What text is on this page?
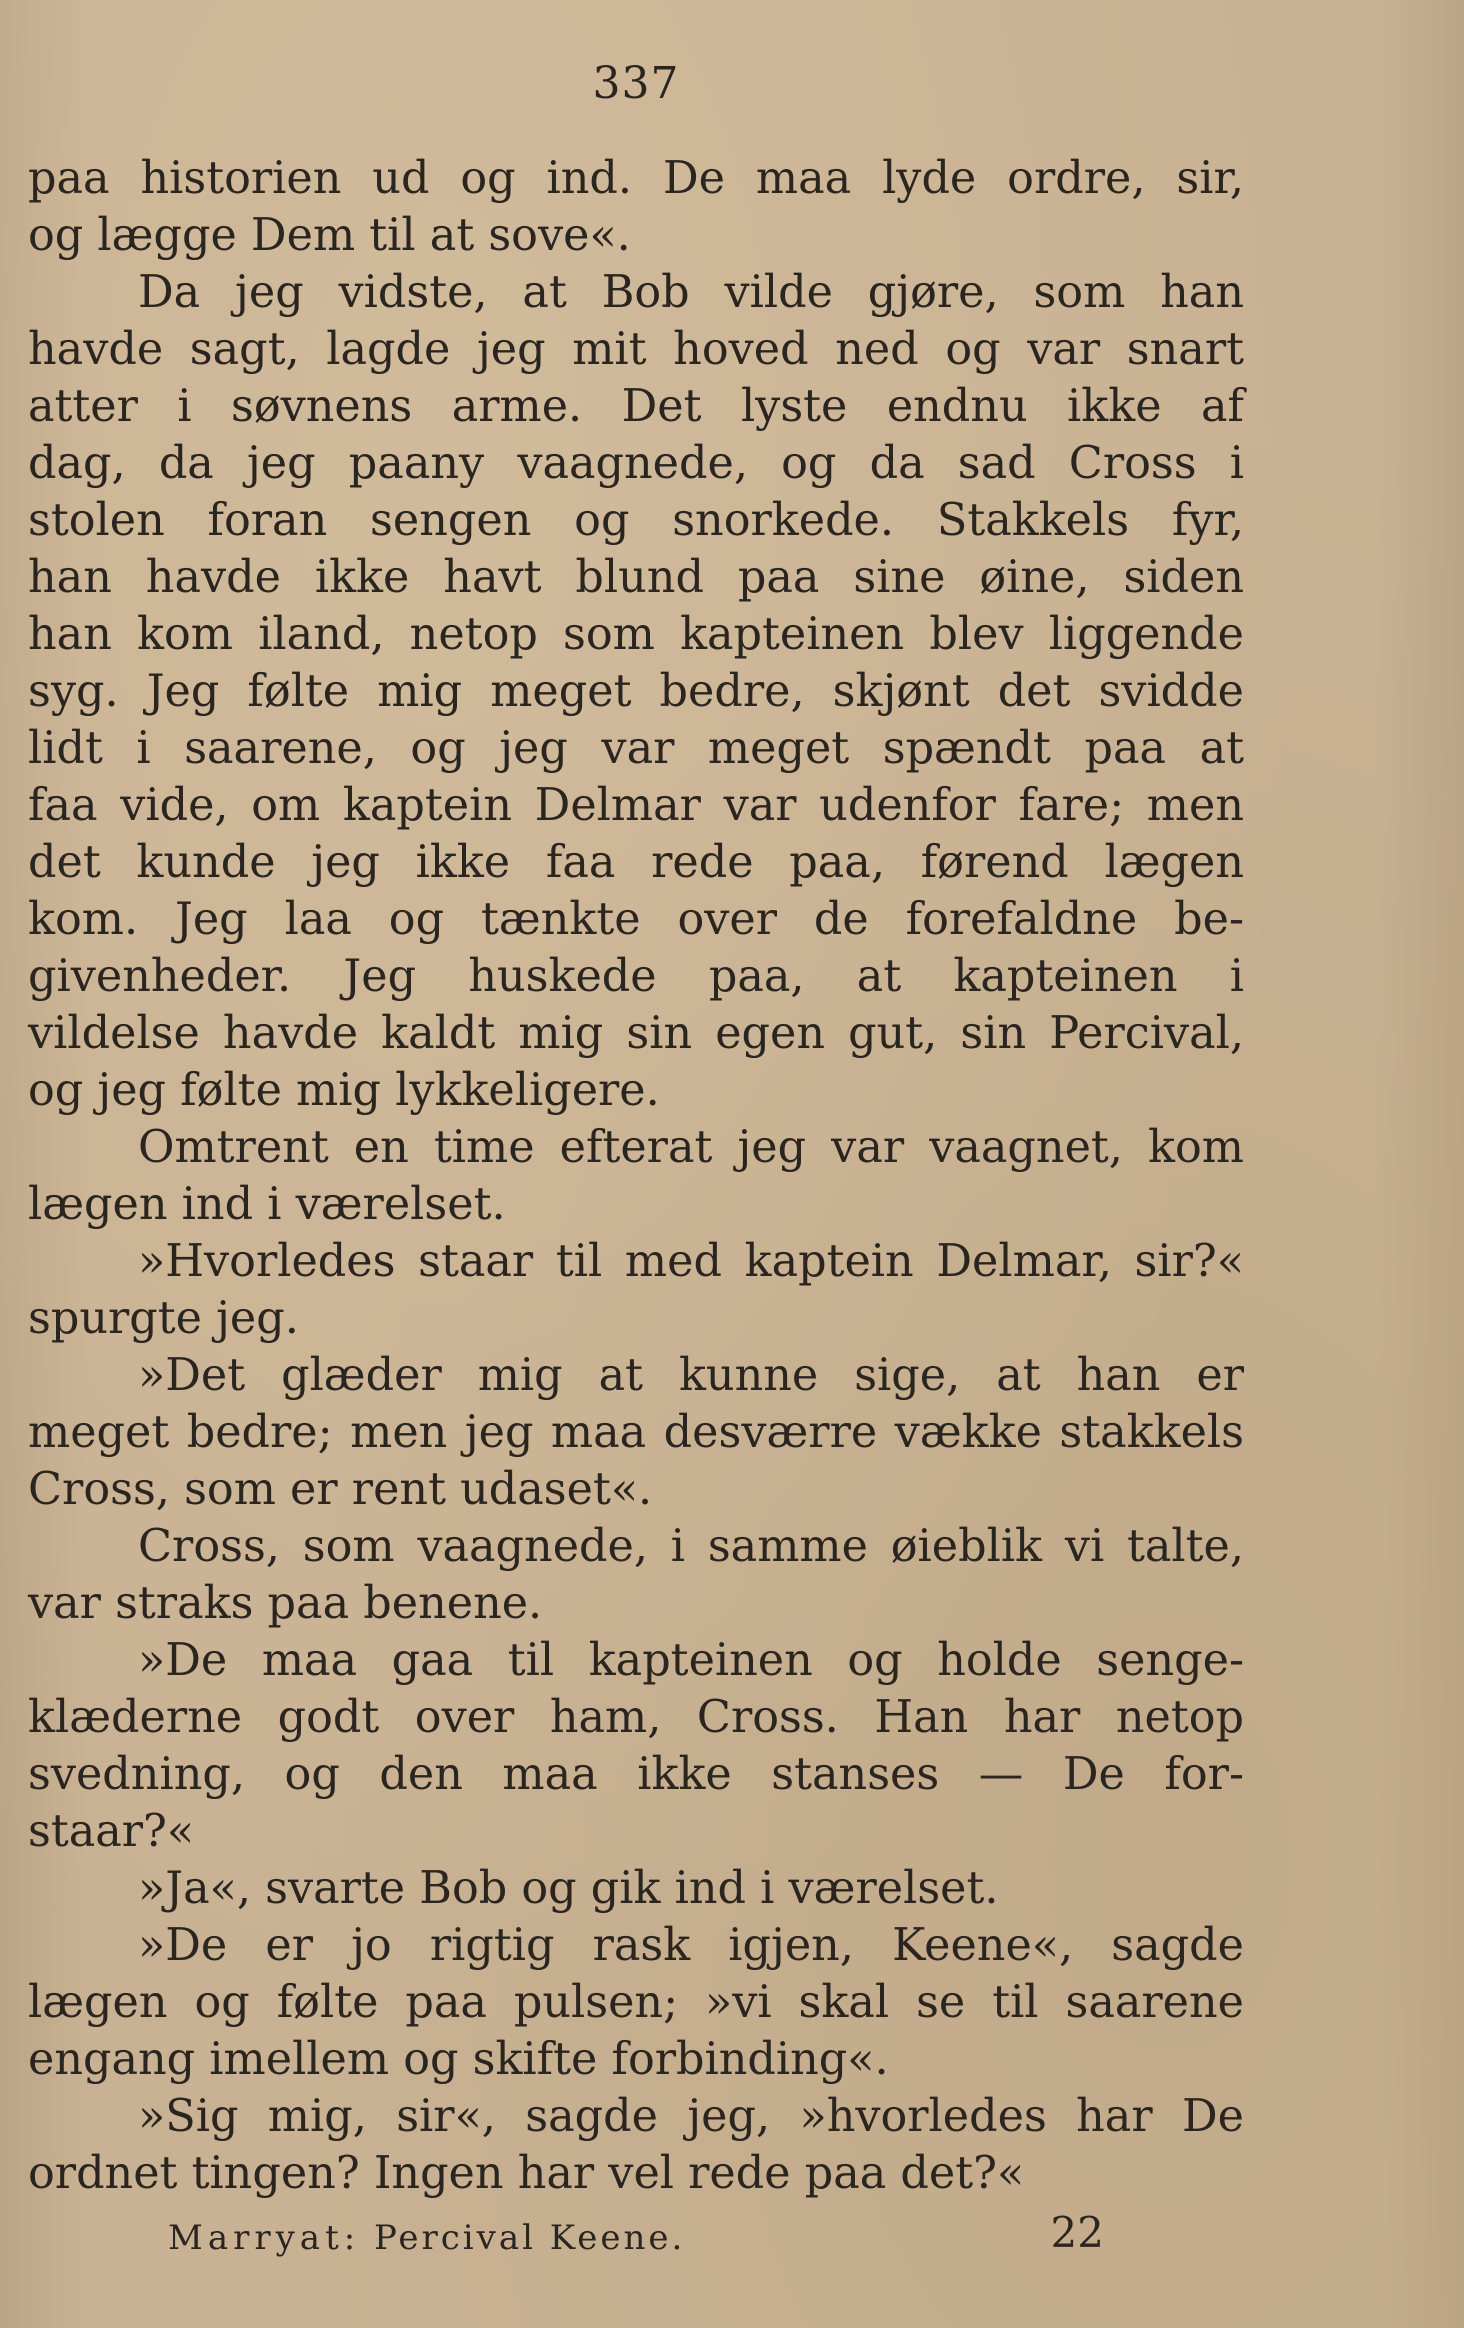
337
paa historien ud og ind. De maa lyde ordre, sir,
og lægge Dem til at sove«.
Da jeg vidste, at Bob vilde gjøre, som han
havde sagt, lagde jeg mit hoved ned og var snart
atter i søvnens arme. Det lyste endnu ikke af
dag, da jeg paany vaagnede, og da sad Cross i
stolen foran sengen og snorkede. Stakkels fyr,
han havde ikke havt blund paa sine øine, siden
han kom iland, netop som kapteinen blev liggende
syg. Jeg følte mig meget bedre, skjønt det svidde
lidt i saarene, og jeg var meget spændt paa at
faa vide, om kaptein Delmar var udenfor fare; men
det kunde jeg ikke faa rede paa, førend lægen
kom. Jeg laa og tænkte over de forefaldne be-
givenheder. Jeg huskede paa, at kapteinen i
vildelse havde kaldt mig sin egen gut, sin Percival,
og jeg følte mig lykkeligere.
Omtrent en time efterat jeg var vaagnet, kom
lægen ind i værelset.
»Hvorledes staar til med kaptein Delmar, sir?«
spurgte jeg.
»Det glæder mig at kunne sige, at han er
meget bedre; men jeg maa desværre vække stakkels
Cross, som er rent udaset«.
Cross, som vaagnede, i samme øieblik vi talte,
var straks paa benene.
»De maa gaa til kapteinen og holde senge-
klæderne godt over ham, Cross. Han har netop
svedning, og den maa ikke stanses — De for-
staar?«
»Ja«, svarte Bob og gik ind i værelset.
»De er jo rigtig rask igjen, Keene«, sagde
lægen og følte paa pulsen; »vi skal se til saarene
engang imellem og skifte forbinding«.
»Sig mig, sir«, sagde jeg, »hvorledes har De
ordnet tingen? Ingen har vel rede paa det?«
Marryat: Percival Keene.	22
